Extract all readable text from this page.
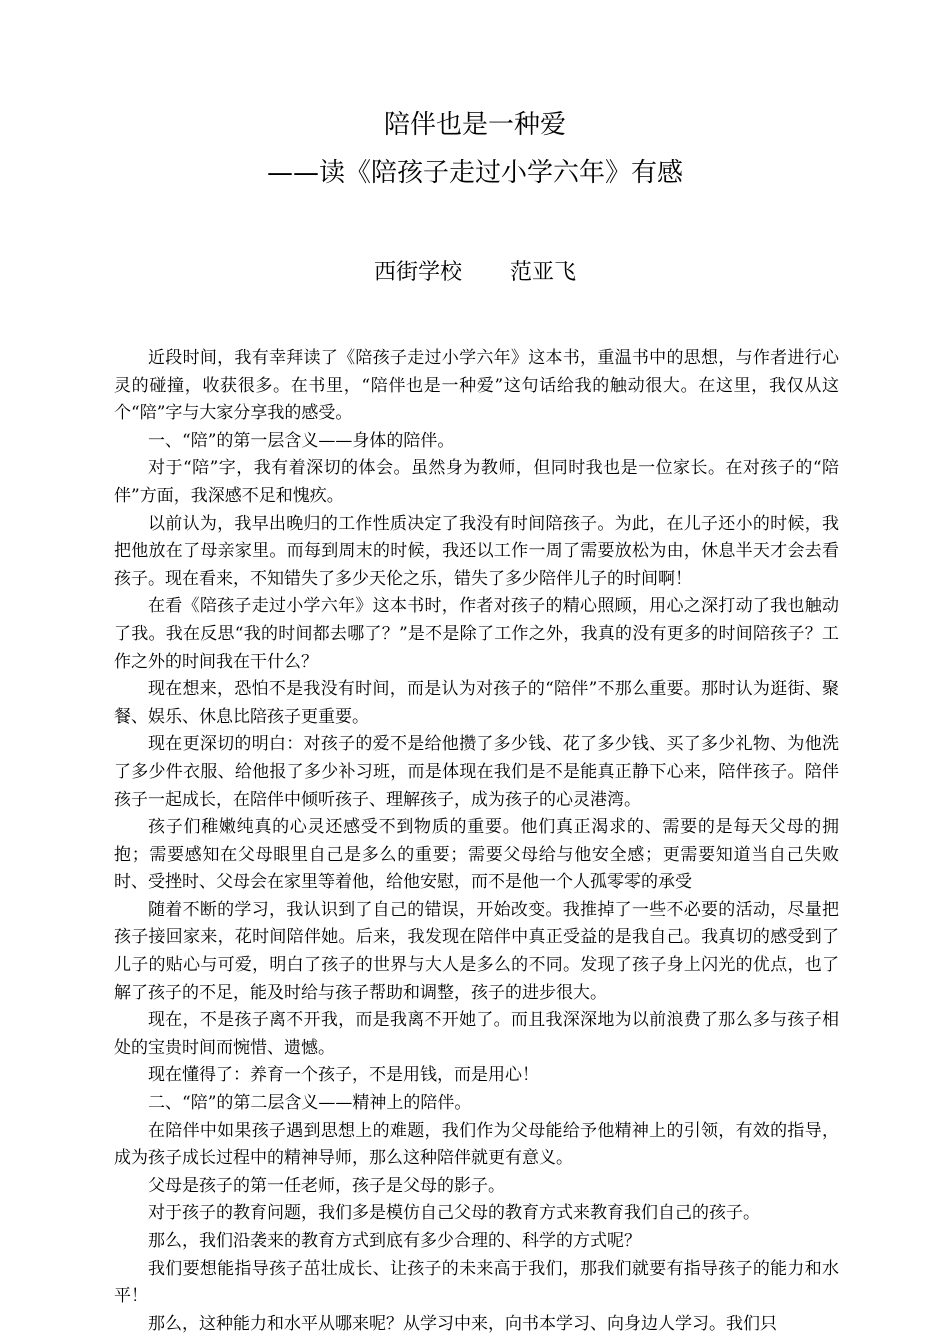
陪伴也是一种爱
——读《陪孩子走过小学六年》有感
西街学校 范亚飞

近段时间，我有幸拜读了《陪孩子走过小学六年》这本书，重温书中的思想，与作者进行心灵的碰撞，收获很多。在书里，“陪伴也是一种爱”这句话给我的触动很大。在这里，我仅从这个“陪”字与大家分享我的感受。

一、“陪”的第一层含义——身体的陪伴。

对于“陪”字，我有着深切的体会。虽然身为教师，但同时我也是一位家长。在对孩子的“陪伴”方面，我深感不足和愧疚。

以前认为，我早出晚归的工作性质决定了我没有时间陪孩子。为此，在儿子还小的时候，我把他放在了母亲家里。而每到周末的时候，我还以工作一周了需要放松为由，休息半天才会去看孩子。现在看来，不知错失了多少天伦之乐，错失了多少陪伴儿子的时间啊！

在看《陪孩子走过小学六年》这本书时，作者对孩子的精心照顾，用心之深打动了我也触动了我。我在反思“我的时间都去哪了？”是不是除了工作之外，我真的没有更多的时间陪孩子？工作之外的时间我在干什么？

现在想来，恐怕不是我没有时间，而是认为对孩子的“陪伴”不那么重要。那时认为逛街、聚餐、娱乐、休息比陪孩子更重要。

现在更深切的明白：对孩子的爱不是给他攒了多少钱、花了多少钱、买了多少礼物、为他洗了多少件衣服、给他报了多少补习班，而是体现在我们是不是能真正静下心来，陪伴孩子。陪伴孩子一起成长，在陪伴中倾听孩子、理解孩子，成为孩子的心灵港湾。

孩子们稚嫩纯真的心灵还感受不到物质的重要。他们真正渴求的、需要的是每天父母的拥抱；需要感知在父母眼里自己是多么的重要；需要父母给与他安全感；更需要知道当自己失败时、受挫时、父母会在家里等着他，给他安慰，而不是他一个人孤零零的承受

随着不断的学习，我认识到了自己的错误，开始改变。我推掉了一些不必要的活动，尽量把孩子接回家来，花时间陪伴她。后来，我发现在陪伴中真正受益的是我自己。我真切的感受到了儿子的贴心与可爱，明白了孩子的世界与大人是多么的不同。发现了孩子身上闪光的优点，也了解了孩子的不足，能及时给与孩子帮助和调整，孩子的进步很大。

现在，不是孩子离不开我，而是我离不开她了。而且我深深地为以前浪费了那么多与孩子相处的宝贵时间而惋惜、遗憾。

现在懂得了：养育一个孩子，不是用钱，而是用心！

二、“陪”的第二层含义——精神上的陪伴。

在陪伴中如果孩子遇到思想上的难题，我们作为父母能给予他精神上的引领，有效的指导，成为孩子成长过程中的精神导师，那么这种陪伴就更有意义。

父母是孩子的第一任老师，孩子是父母的影子。

对于孩子的教育问题，我们多是模仿自己父母的教育方式来教育我们自己的孩子。

那么，我们沿袭来的教育方式到底有多少合理的、科学的方式呢？

我们要想能指导孩子茁壮成长、让孩子的未来高于我们，那我们就要有指导孩子的能力和水平！

那么，这种能力和水平从哪来呢？从学习中来，向书本学习、向身边人学习。我们只
